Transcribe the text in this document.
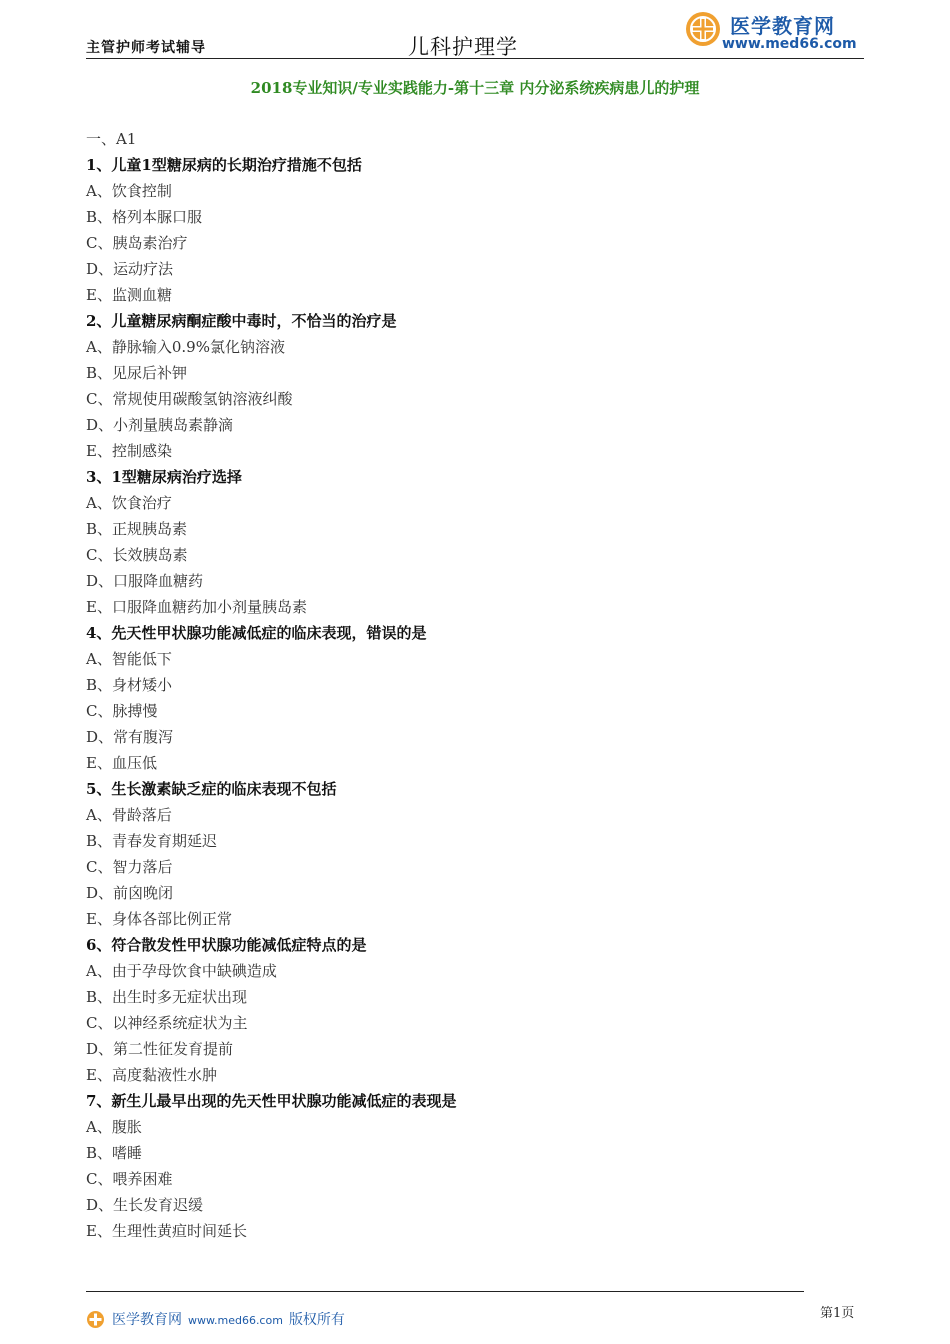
主管护师考试辅导	儿科护理学
医学教育网
www.med66.com
2018专业知识/专业实践能力-第十三章 内分泌系统疾病患儿的护理
一、A1
1、儿童1型糖尿病的长期治疗措施不包括
A、饮食控制
B、格列本脲口服
C、胰岛素治疗
D、运动疗法
E、监测血糖
2、儿童糖尿病酮症酸中毒时，不恰当的治疗是
A、静脉输入0.9%氯化钠溶液
B、见尿后补钾
C、常规使用碳酸氢钠溶液纠酸
D、小剂量胰岛素静滴
E、控制感染
3、1型糖尿病治疗选择
A、饮食治疗
B、正规胰岛素
C、长效胰岛素
D、口服降血糖药
E、口服降血糖药加小剂量胰岛素
4、先天性甲状腺功能减低症的临床表现，错误的是
A、智能低下
B、身材矮小
C、脉搏慢
D、常有腹泻
E、血压低
5、生长激素缺乏症的临床表现不包括
A、骨龄落后
B、青春发育期延迟
C、智力落后
D、前囟晚闭
E、身体各部比例正常
6、符合散发性甲状腺功能减低症特点的是
A、由于孕母饮食中缺碘造成
B、出生时多无症状出现
C、以神经系统症状为主
D、第二性征发育提前
E、高度黏液性水肿
7、新生儿最早出现的先天性甲状腺功能减低症的表现是
A、腹胀
B、嗜睡
C、喂养困难
D、生长发育迟缓
E、生理性黄疸时间延长
第1页
医学教育网 www.med66.com 版权所有
